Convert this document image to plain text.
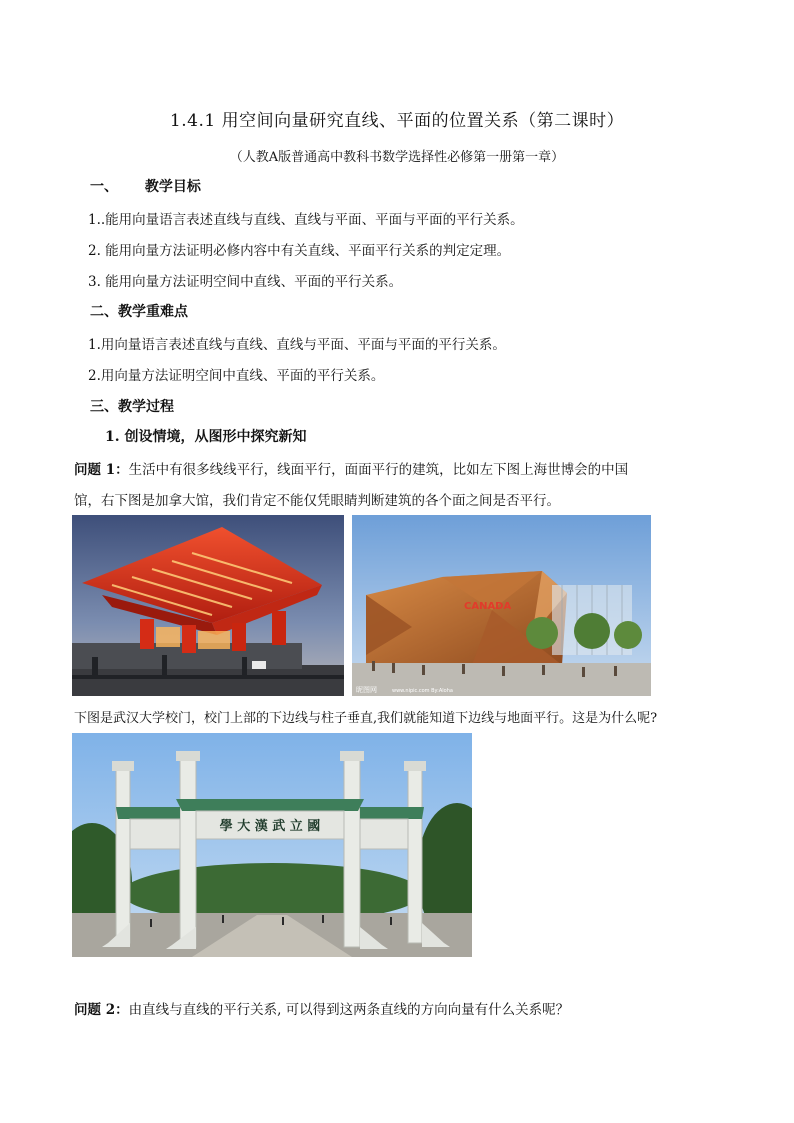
1.4.1 用空间向量研究直线、平面的位置关系（第二课时）
（人教A版普通高中教科书数学选择性必修第一册第一章）
一、 教学目标
1..能用向量语言表述直线与直线、直线与平面、平面与平面的平行关系。
2. 能用向量方法证明必修内容中有关直线、平面平行关系的判定定理。
3. 能用向量方法证明空间中直线、平面的平行关系。
二、教学重难点
1.用向量语言表述直线与直线、直线与平面、平面与平面的平行关系。
2.用向量方法证明空间中直线、平面的平行关系。
三、教学过程
1. 创设情境，从图形中探究新知
问题 1：生活中有很多线线平行，线面平行，面面平行的建筑，比如左下图上海世博会的中国
馆，右下图是加拿大馆，我们肯定不能仅凭眼睛判断建筑的各个面之间是否平行。
CANADA
昵图网	www.nipic.com By:Aloha
下图是武汉大学校门，校门上部的下边线与柱子垂直,我们就能知道下边线与地面平行。这是为什么呢?
學 大 漢 武 立 國
问题 2：由直线与直线的平行关系, 可以得到这两条直线的方向向量有什么关系呢？
